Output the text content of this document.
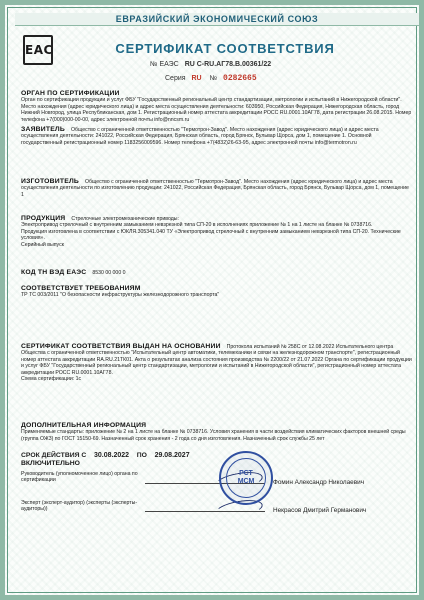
ЕВРАЗИЙСКИЙ ЭКОНОМИЧЕСКИЙ СОЮЗ
EAC	СЕРТИФИКАТ СООТВЕТСТВИЯ
№ ЕАЭС RU С-RU.AГ78.В.00361/22
Серия RU № 0282665
ОРГАН ПО СЕРТИФИКАЦИИ

Орган по сертификации продукции и услуг ФБУ "Государственный региональный центр стандартизации, метрологии и испытаний в Нижегородской области". Место нахождения (адрес юридического лица) и адрес места осуществления деятельности: 603950, Российская Федерация, Нижегородская область, город Нижний Новгород, улица Республиканская, дом 1. Регистрационный номер аттестата аккредитации РОСС RU.0001.10АГ78, дата регистрации 26.08.2015. Номер телефона +7(000)000-00-00, адрес электронной почты info@nncsm.ru

ЗАЯВИТЕЛЬ Общество с ограниченной ответственностью "Термотрон-Завод". Место нахождения (адрес юридического лица) и адрес места осуществления деятельности: 241022, Российская Федерация, Брянская область, город Брянск, Бульвар Щорса, дом 1, помещение 1. Основной государственный регистрационный номер 1183256009596. Номер телефона +7(4832)26-63-95, адрес электронной почты info@termotron.ru

ИЗГОТОВИТЕЛЬ Общество с ограниченной ответственностью "Термотрон-Завод". Место нахождения (адрес юридического лица) и адрес места осуществления деятельности по изготовлению продукции: 241022, Российская Федерация, Брянская область, город Брянск, Бульвар Щорса, дом 1, помещение 1

ПРОДУКЦИЯ Стрелочные электромеханические приводы:

Электропривод стрелочный с внутренним замыканием невзрезной типа СП-20 в исполнениях приложение № 1 на 1 листе на бланке № 0738716.

Продукция изготовлена в соответствии с ЮКЛЯ.305341.040 ТУ «Электропривод стрелочный с внутренним замыканием невзрезной типа СП-20. Технические условия».

Серийный выпуск

КОД ТН ВЭД ЕАЭС 8530 00 000 0

СООТВЕТСТВУЕТ ТРЕБОВАНИЯМ

ТР ТС 003/2011 "О безопасности инфраструктуры железнодорожного транспорта"

СЕРТИФИКАТ СООТВЕТСТВИЯ ВЫДАН НА ОСНОВАНИИ Протокола испытаний № 258С от 12.08.2022 Испытательного центра Общества с ограниченной ответственностью "Испытательный центр автоматики, телемеханики и связи на железнодорожном транспорте", регистрационный номер аттестата аккредитации RA.RU.21ТК01. Акта о результатах анализа состояния производства № 2200/22 от 21.07.2022 Органа по сертификации продукции и услуг ФБУ "Государственный региональный центр стандартизации, метрологии и испытаний в Нижегородской области", регистрационный номер аттестата аккредитации РОСС RU.0001.10АГ78.

Схема сертификации: 1с

ДОПОЛНИТЕЛЬНАЯ ИНФОРМАЦИЯ

Применяемые стандарты: приложение № 2 на 1 листе на бланке № 0738716. Условия хранения в части воздействия климатических факторов внешней среды (группа ОЖ3) по ГОСТ 15150-69. Назначенный срок хранения - 2 года со дня изготовления. Назначенный срок службы 25 лет

СРОК ДЕЙСТВИЯ С 30.08.2022 ПО 29.08.2027
ВКЛЮЧИТЕЛЬНО
Руководитель (уполномоченное лицо) органа по сертификации	Фомин Александр Николаевич
Эксперт (эксперт-аудитор) (эксперты (эксперты-аудиторы))	Некрасов Дмитрий Германович
РСТ
МСМ
